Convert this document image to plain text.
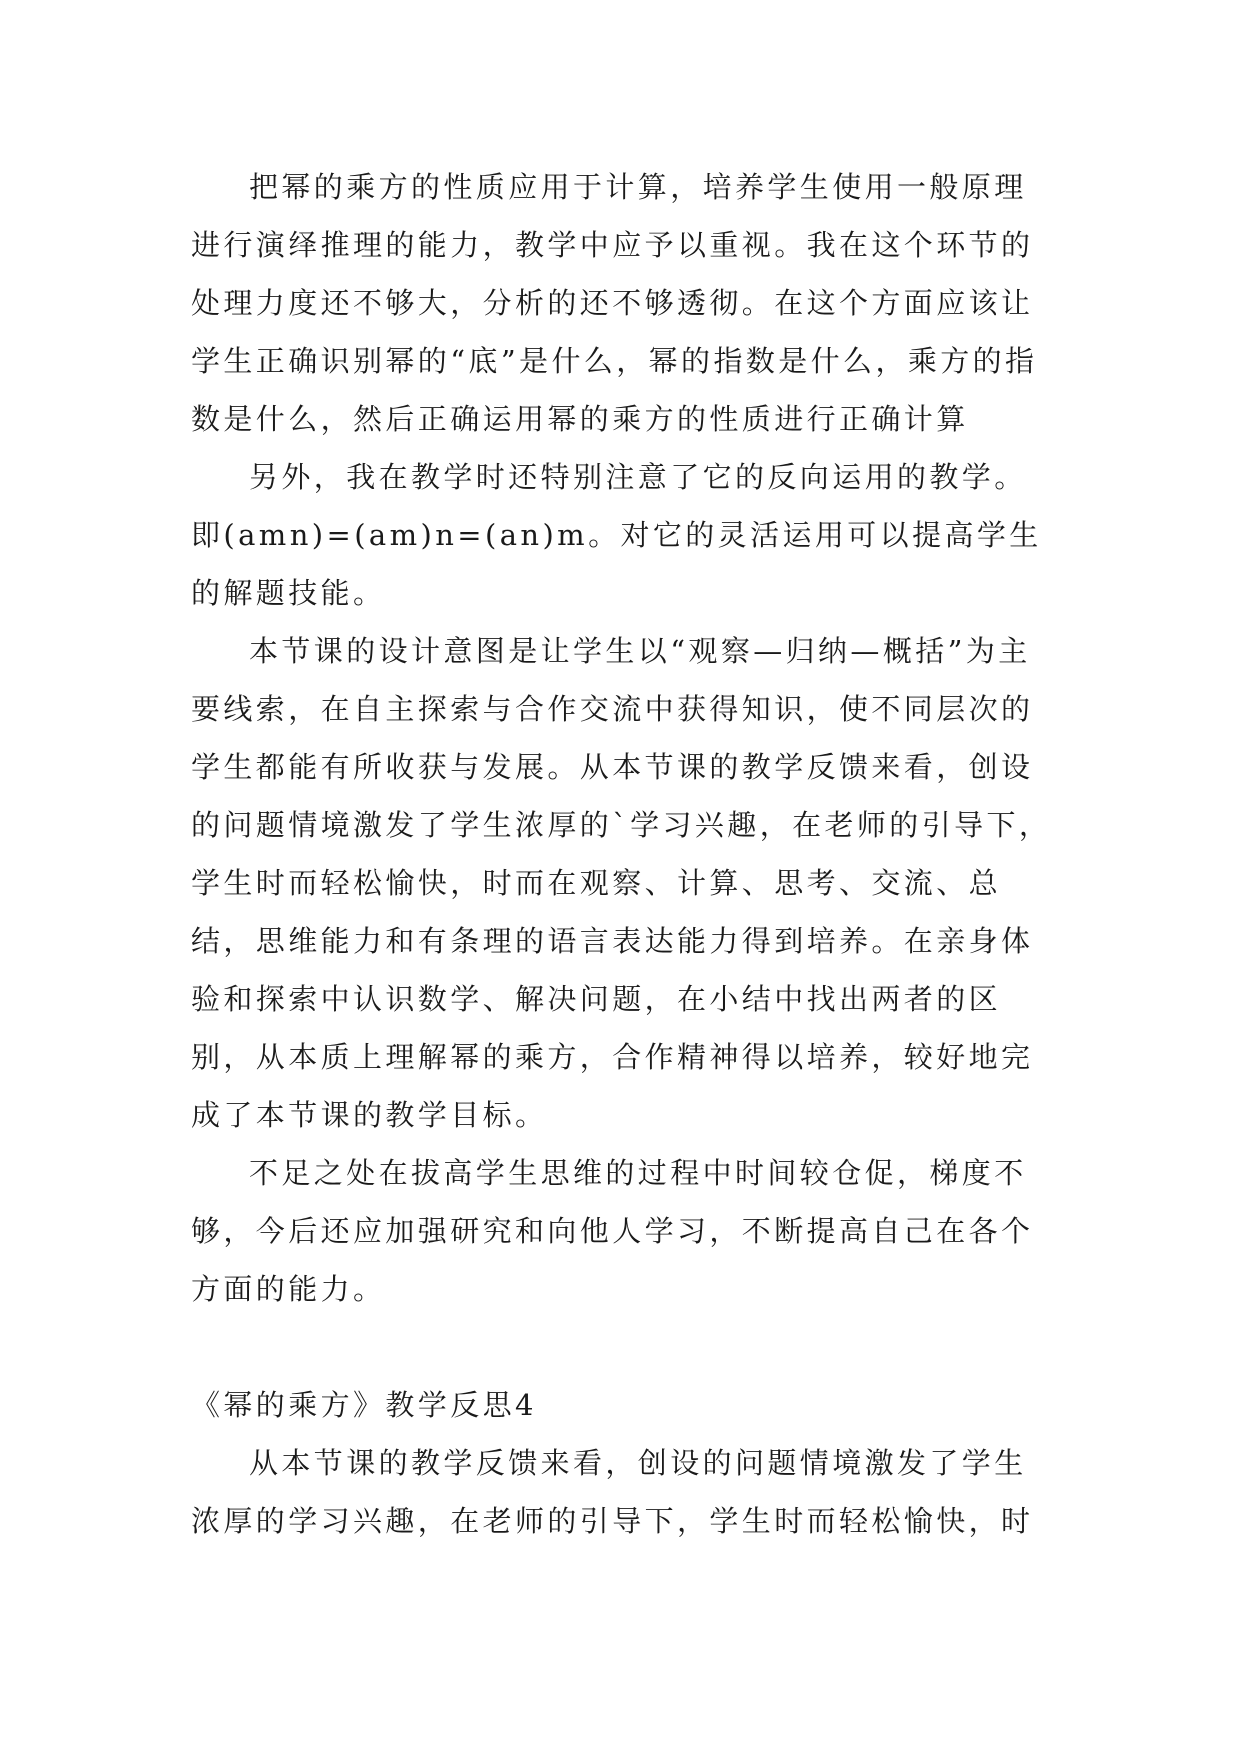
把幂的乘方的性质应用于计算，培养学生使用一般原理进行演绎推理的能力，教学中应予以重视。我在这个环节的处理力度还不够大，分析的还不够透彻。在这个方面应该让学生正确识别幂的“底”是什么，幂的指数是什么，乘方的指数是什么，然后正确运用幂的乘方的性质进行正确计算

另外，我在教学时还特别注意了它的反向运用的教学。即(amn)=(am)n=(an)m。对它的灵活运用可以提高学生的解题技能。

本节课的设计意图是让学生以“观察—归纳—概括”为主要线索，在自主探索与合作交流中获得知识，使不同层次的学生都能有所收获与发展。从本节课的教学反馈来看，创设的问题情境激发了学生浓厚的`学习兴趣，在老师的引导下，学生时而轻松愉快，时而在观察、计算、思考、交流、总结，思维能力和有条理的语言表达能力得到培养。在亲身体验和探索中认识数学、解决问题，在小结中找出两者的区别，从本质上理解幂的乘方，合作精神得以培养，较好地完成了本节课的教学目标。

不足之处在拔高学生思维的过程中时间较仓促，梯度不够，今后还应加强研究和向他人学习，不断提高自己在各个方面的能力。

《幂的乘方》教学反思4

从本节课的教学反馈来看，创设的问题情境激发了学生浓厚的学习兴趣，在老师的引导下，学生时而轻松愉快，时
